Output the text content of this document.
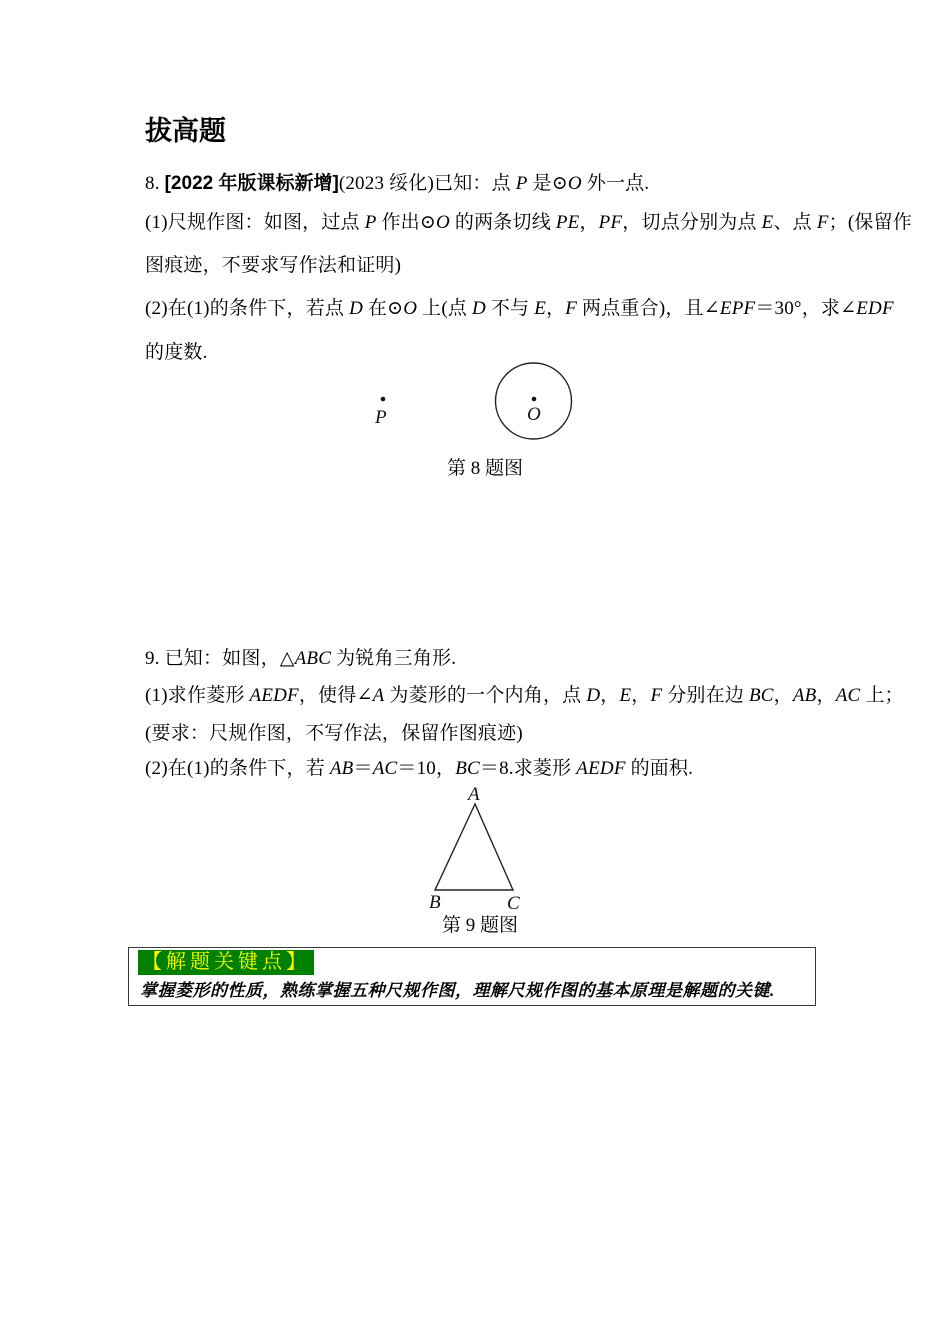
拔高题
8. [2022 年版课标新增](2023 绥化)已知：点 P 是⊙O 外一点.
(1)尺规作图：如图，过点 P 作出⊙O 的两条切线 PE，PF，切点分别为点 E、点 F；(保留作
图痕迹，不要求写作法和证明)
(2)在(1)的条件下，若点 D 在⊙O 上(点 D 不与 E，F 两点重合)，且∠EPF＝30°，求∠EDF
的度数.
P	O
第 8 题图
9. 已知：如图，△ABC 为锐角三角形.
(1)求作菱形 AEDF，使得∠A 为菱形的一个内角，点 D，E，F 分别在边 BC，AB，AC 上；
(要求：尺规作图，不写作法，保留作图痕迹)
(2)在(1)的条件下，若 AB＝AC＝10，BC＝8.求菱形 AEDF 的面积.
A
B	C
第 9 题图
【解题关键点】
掌握菱形的性质，熟练掌握五种尺规作图，理解尺规作图的基本原理是解题的关键.
